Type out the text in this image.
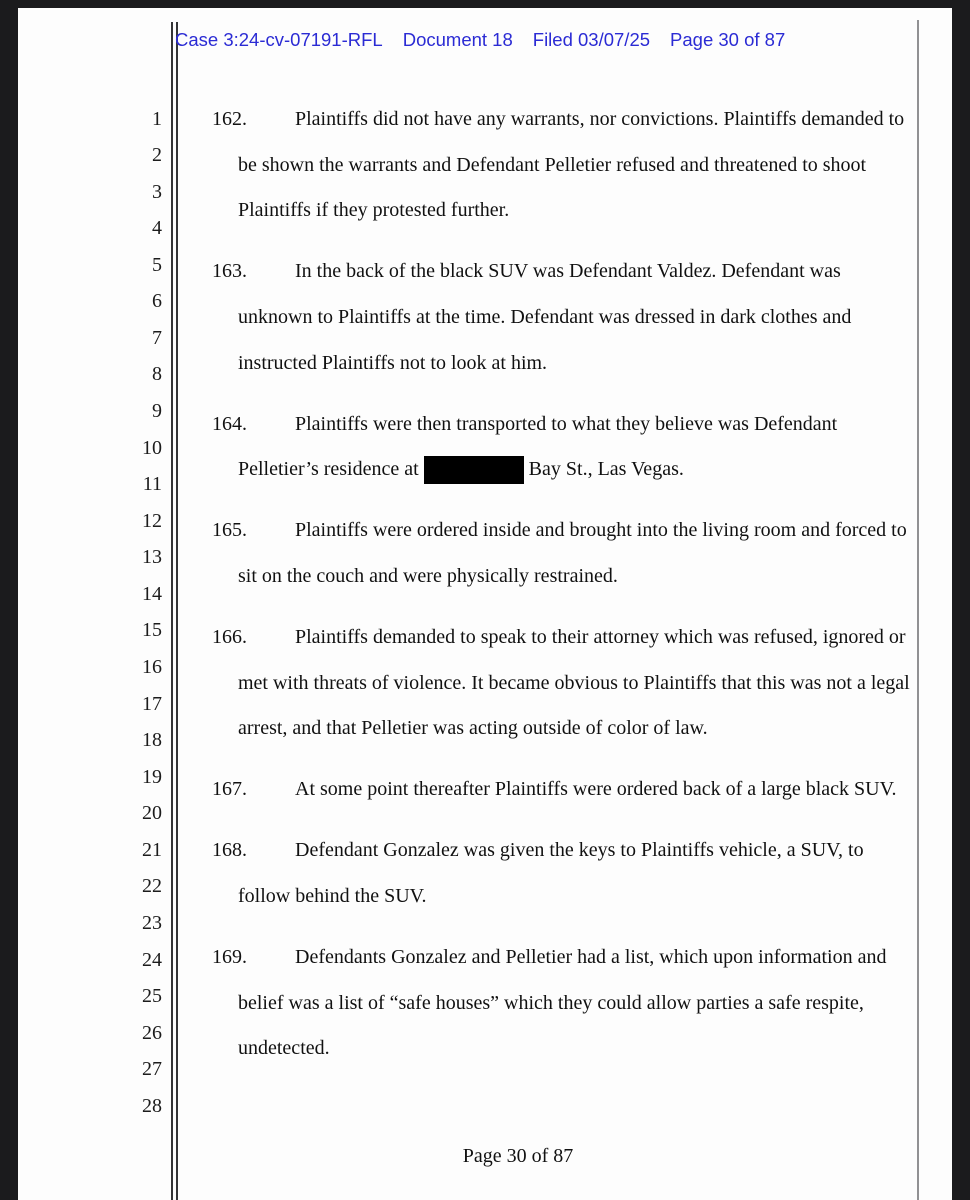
Case 3:24-cv-07191-RFL Document 18 Filed 03/07/25 Page 30 of 87
1
2
3
4
5
6
7
8
9
10
11
12
13
14
15
16
17
18
19
20
21
22
23
24
25
26
27
28
162. Plaintiffs did not have any warrants, nor convictions. Plaintiffs demanded to
be shown the warrants and Defendant Pelletier refused and threatened to shoot
Plaintiffs if they protested further.
163. In the back of the black SUV was Defendant Valdez. Defendant was
unknown to Plaintiffs at the time. Defendant was dressed in dark clothes and
instructed Plaintiffs not to look at him.
164. Plaintiffs were then transported to what they believe was Defendant
Pelletier’s residence at	Bay St., Las Vegas.
165. Plaintiffs were ordered inside and brought into the living room and forced to
sit on the couch and were physically restrained.
166. Plaintiffs demanded to speak to their attorney which was refused, ignored or
met with threats of violence. It became obvious to Plaintiffs that this was not a legal
arrest, and that Pelletier was acting outside of color of law.
167. At some point thereafter Plaintiffs were ordered back of a large black SUV.
168. Defendant Gonzalez was given the keys to Plaintiffs vehicle, a SUV, to
follow behind the SUV.
169. Defendants Gonzalez and Pelletier had a list, which upon information and
belief was a list of “safe houses” which they could allow parties a safe respite,
undetected.
Page 30 of 87
